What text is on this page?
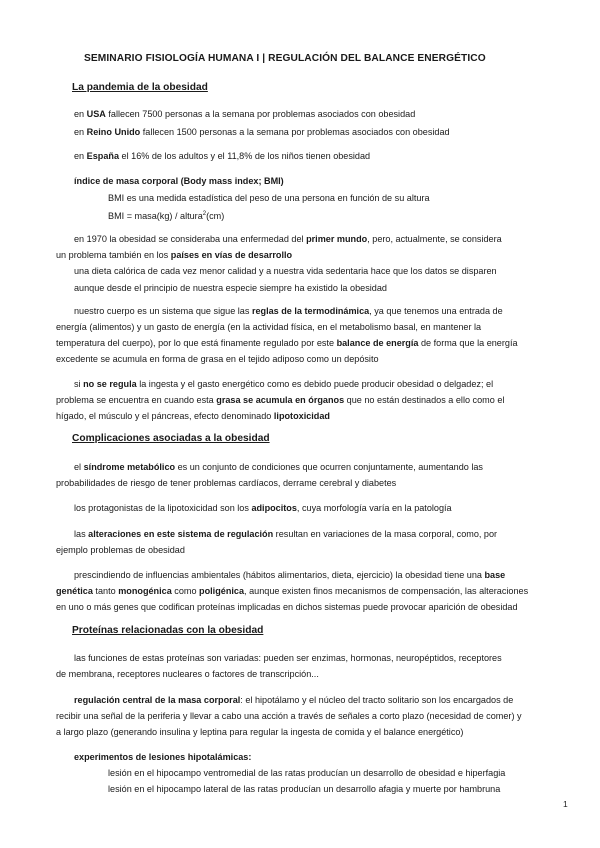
SEMINARIO FISIOLOGÍA HUMANA I | REGULACIÓN DEL BALANCE ENERGÉTICO
La pandemia de la obesidad
en USA fallecen 7500 personas a la semana por problemas asociados con obesidad
en Reino Unido fallecen 1500 personas a la semana por problemas asociados con obesidad
en España el 16% de los adultos y el 11,8% de los niños tienen obesidad
índice de masa corporal (Body mass index; BMI)
BMI es una medida estadística del peso de una persona en función de su altura
BMI = masa(kg) / altura$^2$(cm)
en 1970 la obesidad se consideraba una enfermedad del primer mundo, pero, actualmente, se considera
un problema también en los países en vías de desarrollo
una dieta calórica de cada vez menor calidad y a nuestra vida sedentaria hace que los datos se disparen
aunque desde el principio de nuestra especie siempre ha existido la obesidad
nuestro cuerpo es un sistema que sigue las reglas de la termodinámica, ya que tenemos una entrada de
energía (alimentos) y un gasto de energía (en la actividad física, en el metabolismo basal, en mantener la
temperatura del cuerpo), por lo que está finamente regulado por este balance de energía de forma que la energía
excedente se acumula en forma de grasa en el tejido adiposo como un depósito
si no se regula la ingesta y el gasto energético como es debido puede producir obesidad o delgadez; el
problema se encuentra en cuando esta grasa se acumula en órganos que no están destinados a ello como el
hígado, el músculo y el páncreas, efecto denominado lipotoxicidad
Complicaciones asociadas a la obesidad
el síndrome metabólico es un conjunto de condiciones que ocurren conjuntamente, aumentando las
probabilidades de riesgo de tener problemas cardíacos, derrame cerebral y diabetes
los protagonistas de la lipotoxicidad son los adipocitos, cuya morfología varía en la patología
las alteraciones en este sistema de regulación resultan en variaciones de la masa corporal, como, por
ejemplo problemas de obesidad
prescindiendo de influencias ambientales (hábitos alimentarios, dieta, ejercicio) la obesidad tiene una base
genética tanto monogénica como poligénica, aunque existen finos mecanismos de compensación, las alteraciones
en uno o más genes que codifican proteínas implicadas en dichos sistemas puede provocar aparición de obesidad
Proteínas relacionadas con la obesidad
las funciones de estas proteínas son variadas: pueden ser enzimas, hormonas, neuropéptidos, receptores
de membrana, receptores nucleares o factores de transcripción...
regulación central de la masa corporal: el hipotálamo y el núcleo del tracto solitario son los encargados de
recibir una señal de la periferia y llevar a cabo una acción a través de señales a corto plazo (necesidad de comer) y
a largo plazo (generando insulina y leptina para regular la ingesta de comida y el balance energético)
experimentos de lesiones hipotalámicas:
lesión en el hipocampo ventromedial de las ratas producían un desarrollo de obesidad e hiperfagia
lesión en el hipocampo lateral de las ratas producían un desarrollo afagia y muerte por hambruna
1
